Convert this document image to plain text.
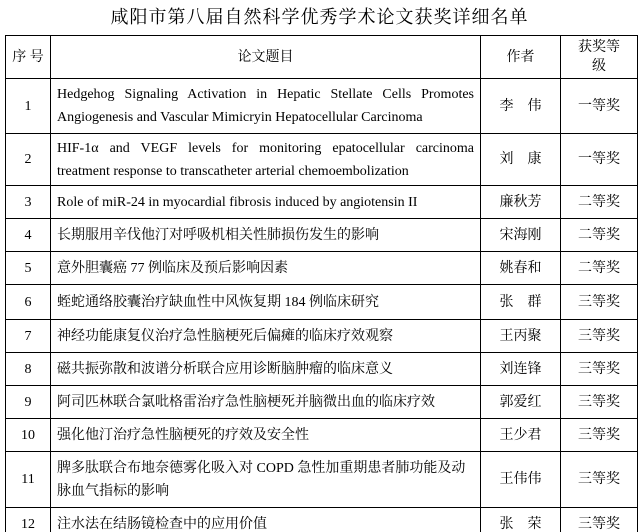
咸阳市第八届自然科学优秀学术论文获奖详细名单
序 号	论文题目	作者	获奖等级
1	Hedgehog Signaling Activation in Hepatic Stellate Cells Promotes Angiogenesis and Vascular Mimicryin Hepatocellular Carcinoma	李　伟	一等奖
2	HIF-1α and VEGF levels for monitoring epatocellular carcinoma treatment response to transcatheter arterial chemoembolization	刘　康	一等奖
3	Role of miR-24 in myocardial fibrosis induced by angiotensin II	廉秋芳	二等奖
4	长期服用辛伐他汀对呼吸机相关性肺损伤发生的影响	宋海刚	二等奖
5	意外胆囊癌 77 例临床及预后影响因素	姚春和	二等奖
6	蛭蛇通络胶囊治疗缺血性中风恢复期 184 例临床研究	张　群	三等奖
7	神经功能康复仪治疗急性脑梗死后偏瘫的临床疗效观察	王丙聚	三等奖
8	磁共振弥散和波谱分析联合应用诊断脑肿瘤的临床意义	刘连锋	三等奖
9	阿司匹林联合氯吡格雷治疗急性脑梗死并脑微出血的临床疗效	郭爱红	三等奖
10	强化他汀治疗急性脑梗死的疗效及安全性	王少君	三等奖
11	脾多肽联合布地奈德雾化吸入对 COPD 急性加重期患者肺功能及动脉血气指标的影响	王伟伟	三等奖
12	注水法在结肠镜检查中的应用价值	张　荣	三等奖
